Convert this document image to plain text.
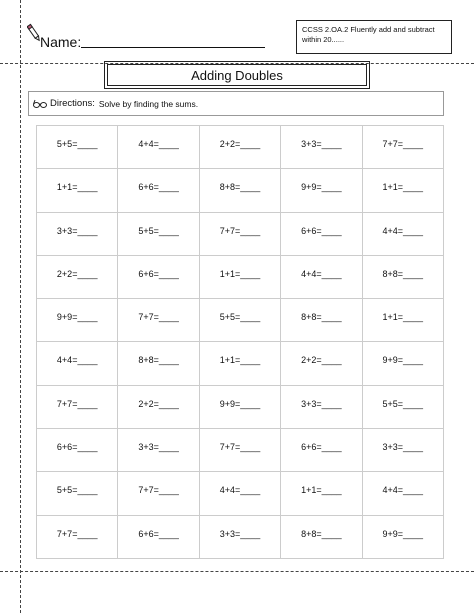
Name:
CCSS 2.OA.2 Fluently add and subtract within 20......
Adding Doubles
Directions: Solve by finding the sums.
5+5=____	4+4=____	2+2=____	3+3=____	7+7=____
1+1=____	6+6=____	8+8=____	9+9=____	1+1=____
3+3=____	5+5=____	7+7=____	6+6=____	4+4=____
2+2=____	6+6=____	1+1=____	4+4=____	8+8=____
9+9=____	7+7=____	5+5=____	8+8=____	1+1=____
4+4=____	8+8=____	1+1=____	2+2=____	9+9=____
7+7=____	2+2=____	9+9=____	3+3=____	5+5=____
6+6=____	3+3=____	7+7=____	6+6=____	3+3=____
5+5=____	7+7=____	4+4=____	1+1=____	4+4=____
7+7=____	6+6=____	3+3=____	8+8=____	9+9=____
